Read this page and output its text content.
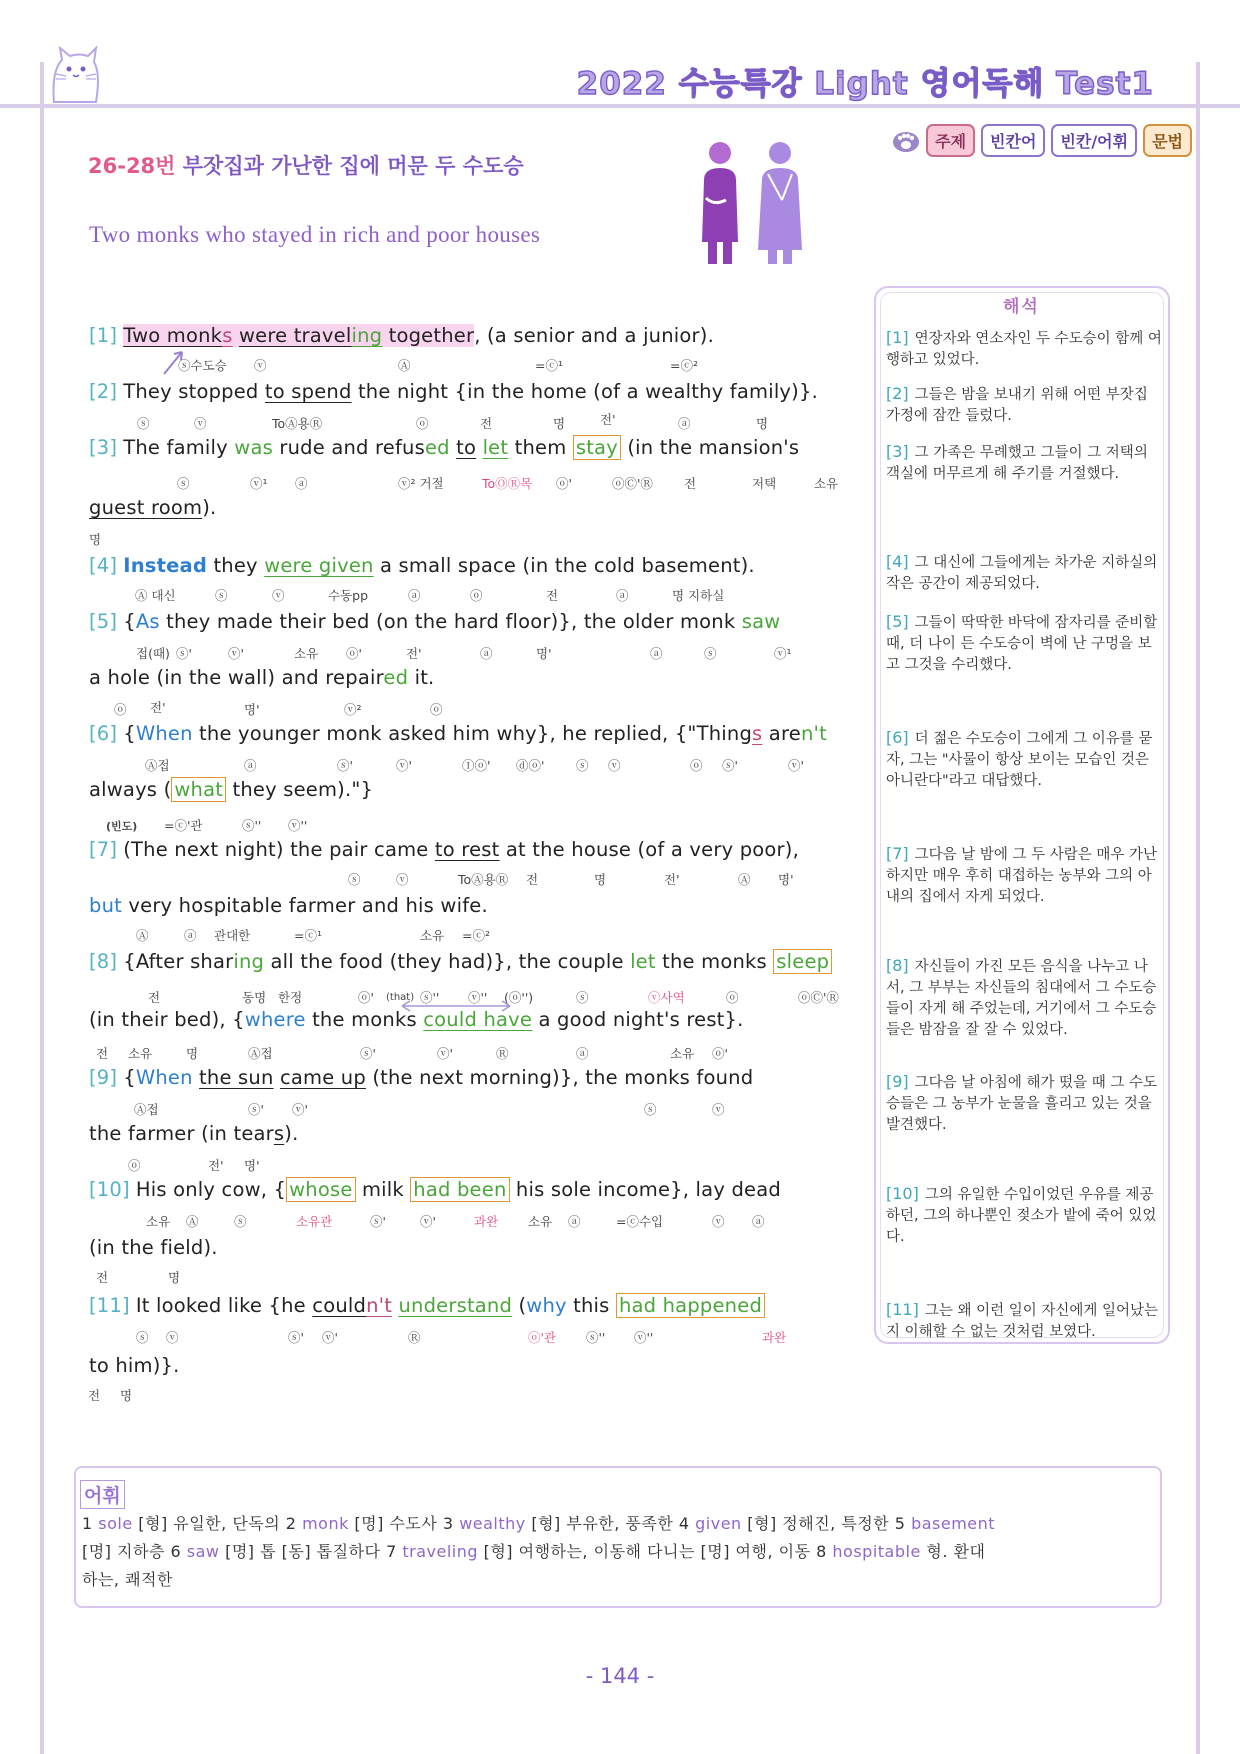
2022 수능특강 Light 영어독해 Test1
주제	빈칸어	빈칸/어휘	문법
26-28번 부잣집과 가난한 집에 머문 두 수도승
Two monks who stayed in rich and poor houses
[1] Two monks were traveling together, (a senior and a junior).
ⓢ수도승 ⓥ	Ⓐ	=ⓒ¹	=ⓒ²
[2] They stopped to spend the night {in the home (of a wealthy family)}.
ⓢ	ⓥ	ToⒶ용Ⓡ	ⓞ	전	명	전'	ⓐ	명
[3] The family was rude and refused to let them stay (in the mansion's
ⓢ	ⓥ¹ ⓐ	ⓥ² 거절	ToⓄⓇ목 ⓞ'	ⓞⒸ'Ⓡ 전	저택	소유
guest room).
명
[4] Instead they were given a small space (in the cold basement).
Ⓐ 대신	ⓢ	ⓥ	수동pp	ⓐ	ⓞ	전	ⓐ	명 지하실
[5] {As they made their bed (on the hard floor)}, the older monk saw
접(때) ⓢ'	ⓥ'	소유 ⓞ'	전'	ⓐ	명'	ⓐ	ⓢ	ⓥ¹
a hole (in the wall) and repaired it.
ⓞ 전'	명'	ⓥ²	ⓞ
[6] {When the younger monk asked him why}, he replied, {"Things aren't
Ⓐ접	ⓐ	ⓢ'	ⓥ'	Ⓘⓞ' ⓓⓞ'	ⓢ ⓥ	ⓞ ⓢ'	ⓥ'
always ( what they seem)."}
(빈도) =ⓒ'관	ⓢ'' ⓥ''
[7] (The next night) the pair came to rest at the house (of a very poor),
ⓢ	ⓥ	ToⒶ용Ⓡ 전	명	전'	Ⓐ 명'
but very hospitable farmer and his wife.
Ⓐ	ⓐ 관대한	=ⓒ¹	소유 =ⓒ²
[8] {After sharing all the food (they had)}, the couple let the monks sleep
전	동명 한정	ⓞ' (that) ⓢ'' ⓥ'' (ⓞ'')	ⓢ	ⓥ사역	ⓞ	ⓞⒸ'Ⓡ
(in their bed), {where the monks could have a good night's rest}.
전 소유	명	Ⓐ접	ⓢ'	ⓥ'	Ⓡ	ⓐ	소유 ⓞ'
[9] {When the sun came up (the next morning)}, the monks found
Ⓐ접	ⓢ' ⓥ'	ⓢ	ⓥ
the farmer (in tears).
ⓞ	전' 명'
[10] His only cow, { whose milk had been his sole income}, lay dead
소유 Ⓐ	ⓢ	소유관	ⓢ'	ⓥ'	과완 소유 ⓐ	=ⓒ수입	ⓥ ⓐ
(in the field).
전	명
[11] It looked like {he couldn't understand (why this had happened
ⓢ ⓥ	ⓢ' ⓥ'	Ⓡ	ⓞ'관 ⓢ'' ⓥ''	과완
to him)}.
전 명
해석
[1] 연장자와 연소자인 두 수도승이 함께 여행하고 있었다.
[2] 그들은 밤을 보내기 위해 어떤 부잣집 가정에 잠깐 들렀다.
[3] 그 가족은 무례했고 그들이 그 저택의 객실에 머무르게 해 주기를 거절했다.
[4] 그 대신에 그들에게는 차가운 지하실의 작은 공간이 제공되었다.
[5] 그들이 딱딱한 바닥에 잠자리를 준비할 때, 더 나이 든 수도승이 벽에 난 구멍을 보고 그것을 수리했다.
[6] 더 젊은 수도승이 그에게 그 이유를 묻자, 그는 "사물이 항상 보이는 모습인 것은 아니란다"라고 대답했다.
[7] 그다음 날 밤에 그 두 사람은 매우 가난하지만 매우 후히 대접하는 농부와 그의 아내의 집에서 자게 되었다.
[8] 자신들이 가진 모든 음식을 나누고 나서, 그 부부는 자신들의 침대에서 그 수도승들이 자게 해 주었는데, 거기에서 그 수도승들은 밤잠을 잘 잘 수 있었다.
[9] 그다음 날 아침에 해가 떴을 때 그 수도승들은 그 농부가 눈물을 흘리고 있는 것을 발견했다.
[10] 그의 유일한 수입이었던 우유를 제공하던, 그의 하나뿐인 젖소가 밭에 죽어 있었다.
[11] 그는 왜 이런 일이 자신에게 일어났는지 이해할 수 없는 것처럼 보였다.
어휘
1 sole [형] 유일한, 단독의 2 monk [명] 수도사 3 wealthy [형] 부유한, 풍족한 4 given [형] 정해진, 특정한 5 basement
[명] 지하층 6 saw [명] 톱 [동] 톱질하다 7 traveling [형] 여행하는, 이동해 다니는 [명] 여행, 이동 8 hospitable 형. 환대
하는, 쾌적한
- 144 -
